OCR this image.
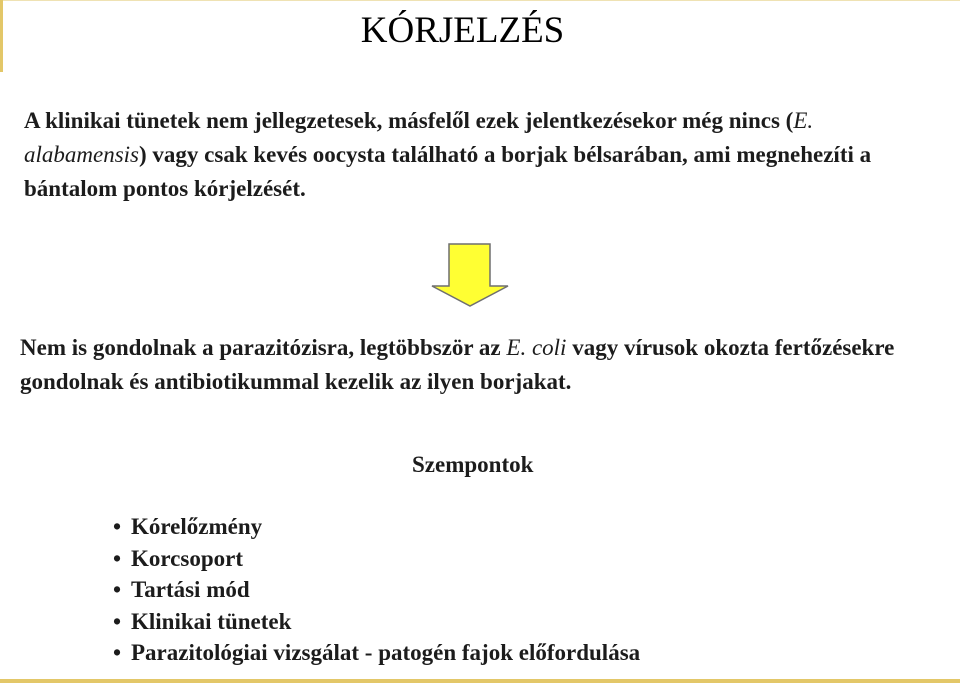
KÓRJELZÉS

A klinikai tünetek nem jellegzetesek, másfelől ezek jelentkezésekor még nincs (E. alabamensis) vagy csak kevés oocysta található a borjak bélsarában, ami megnehezíti a bántalom pontos kórjelzését.

Nem is gondolnak a parazitózisra, legtöbbször az E. coli vagy vírusok okozta fertőzésekre gondolnak és antibiotikummal kezelik az ilyen borjakat.

Szempontok
• Kórelőzmény
• Korcsoport
• Tartási mód
• Klinikai tünetek
• Parazitológiai vizsgálat - patogén fajok előfordulása
